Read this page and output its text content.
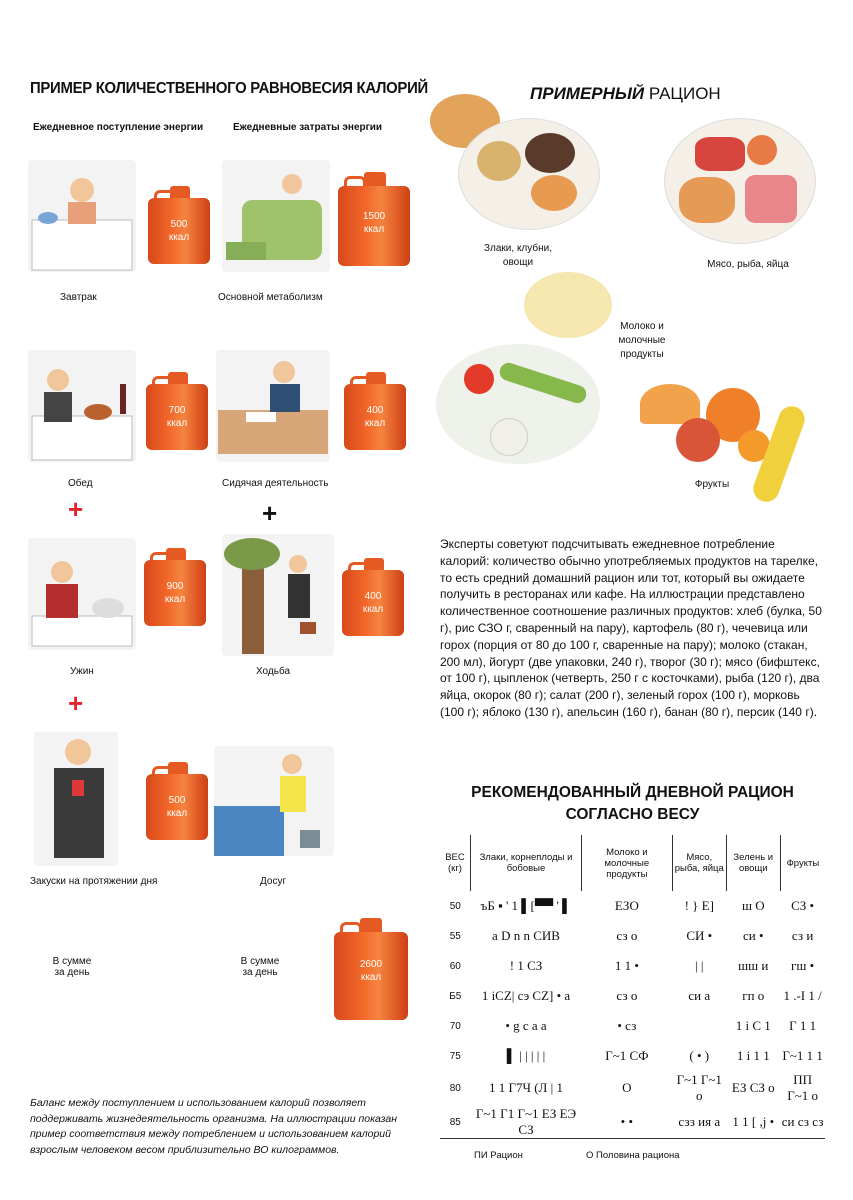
ПРИМЕР КОЛИЧЕСТВЕННОГО РАВНОВЕСИЯ КАЛОРИЙ
Ежедневное поступление энергии	Ежедневные затраты энергии
500
ккал
Завтрак
1500
ккал
Основной метаболизм
700
ккал
Обед
+
400
ккал
Сидячая деятельность
+
900
ккал
Ужин
+
400
ккал
Ходьба
500
ккал
Закуски на протяжении дня	Досуг
В сумме за день
В сумме за день
2600
ккал

Баланс между поступлением и использованием калорий позволяет поддерживать жизнедеятельность организма. На иллюстрации показан пример соответствия между потреблением и использованием калорий взрослым человеком весом приблизительно ВО килограммов.

ПРИМЕРНЫЙ РАЦИОН
Злаки, клубни, овощи	Мясо, рыба, яйца
Молоко и молочные продукты
Фрукты

Эксперты советуют подсчитывать ежедневное потребление калорий: количество обычно употребляемых продуктов на тарелке, то есть средний домашний рацион или тот, который вы ожидаете получить в ресторанах или кафе. На иллюстрации представлено количественное соотношение различных продуктов: хлеб (булка, 50 г), рис СЗО г, сваренный на пару), картофель (80 г), чечевица или горох (порция от 80 до 100 г, сваренные на пару); молоко (стакан, 200 мл), йогурт (две упаковки, 240 г), творог (30 г); мясо (бифштекс, от 100 г), цыпленок (четверть, 250 г с косточками), рыба (120 г), два яйца, окорок (80 г); салат (200 г), зеленый горох (100 г), морковь (100 г); яблоко (130 г), апельсин (160 г), банан (80 г), персик (140 г).

РЕКОМЕНДОВАННЫЙ ДНЕВНОЙ РАЦИОН
СОГЛАСНО ВЕСУ
ВЕС (кг)	Злаки, корнеплоды и бобовые	Молоко и молочные продукты	Мясо, рыба, яйца	Зелень и овощи	Фрукты
50	ъБ ▪ ' 1 ▌[▀▀ ' ▌	ЕЗО	! } Е]	ш О	СЗ •
55	a D n n СИВ	сз о	СИ •	си •	сз и
60	! 1 СЗ	1 1 •	| |	шш и	гш •
Б5	1 iCZ| сэ CZ] • a	сз о	си а	гп о	1 .-Ι 1 /
70	• g c a a	• сз		1 i C 1	Г 1 1
75	▌ | | | | |	Г~1 СФ	( • )	1 i 1 1	Г~1 1 1
80	1 1 Г7Ч (Л | 1	О	Г~1 Г~1 о	ЕЗ СЗ о	ПП Г~1 о
85	Г~1 Г1 Г~1 ЕЗ ЕЭ СЗ	• •	сзз ия а	1 1 [ ,j •	си сз сз
ПИ Рацион	О Половина рациона
